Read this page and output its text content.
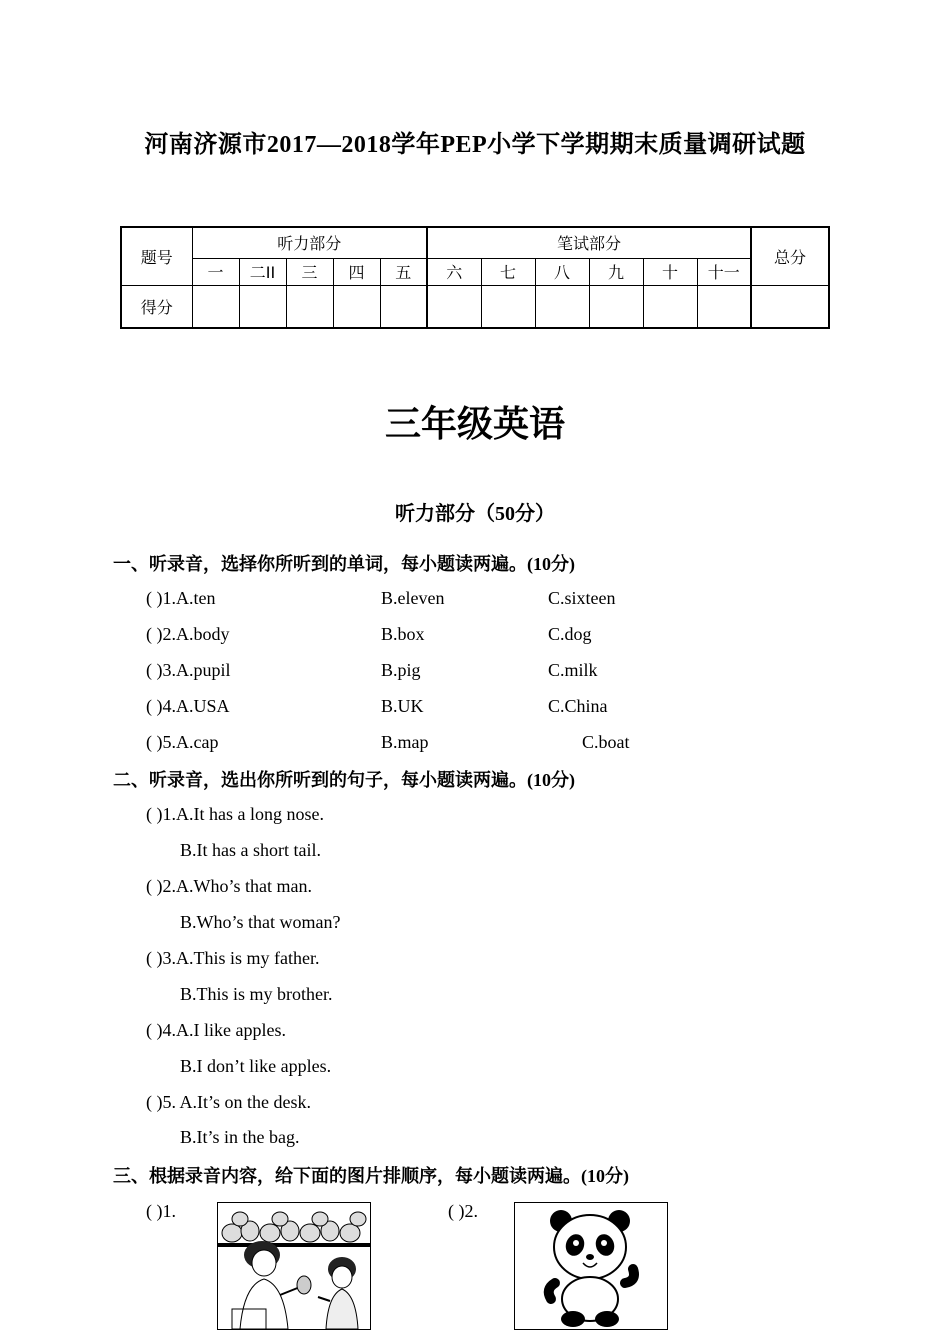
河南济源市2017—2018学年PEP小学下学期期末质量调研试题
题号	听力部分					笔试部分						总分
	一	二II	三	四	五	六	七	八	九	十	十一	
得分												
三年级英语
听力部分（50分）
一、听录音，选择你所听到的单词，每小题读两遍。(10分)
( )1.A.ten	B.eleven	C.sixteen
( )2.A.body	B.box	C.dog
( )3.A.pupil	B.pig	C.milk
( )4.A.USA	B.UK	C.China
( )5.A.cap	B.map	C.boat
二、听录音，选出你所听到的句子，每小题读两遍。(10分)
( )1.A.It has a long nose.
B.It has a short tail.
( )2.A.Who’s that man.
B.Who’s that woman?
( )3.A.This is my father.
B.This is my brother.
( )4.A.I like apples.
B.I don’t like apples.
( )5. A.It’s on the desk.
B.It’s in the bag.
三、根据录音内容，给下面的图片排顺序，每小题读两遍。(10分)
( )1.	( )2.
